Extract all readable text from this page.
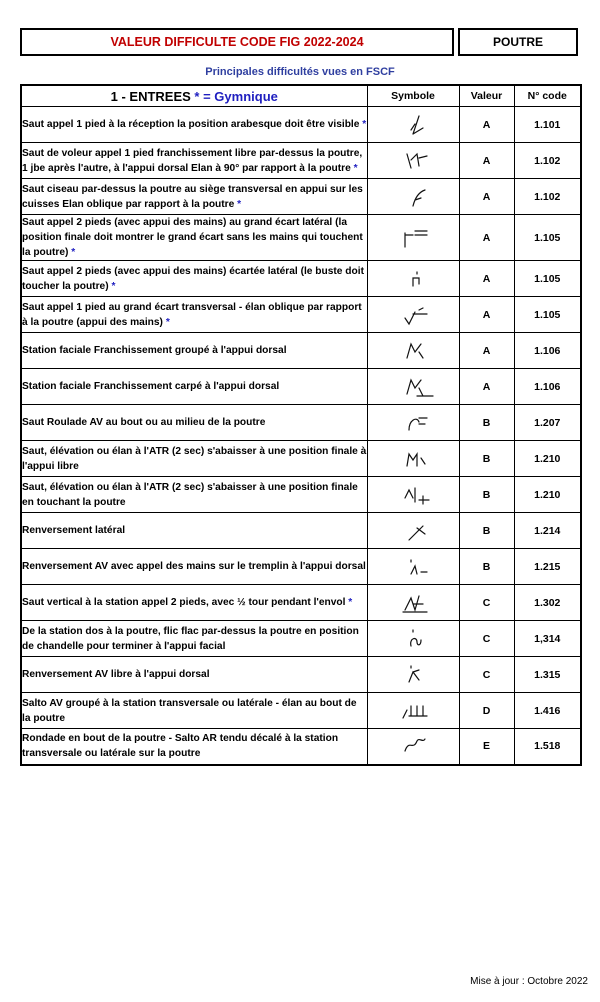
VALEUR DIFFICULTE CODE FIG 2022-2024	POUTRE
Principales difficultés vues en FSCF
1 - ENTREES * = Gymnique	Symbole	Valeur	N° code
Saut appel 1 pied à la réception la position arabesque doit être visible *		A	1.101
Saut de voleur appel 1 pied franchissement libre par-dessus la poutre, 1 jbe après l'autre, à l'appui dorsal Elan à 90° par rapport à la poutre *		A	1.102
Saut ciseau par-dessus la poutre au siège transversal en appui sur les cuisses Elan oblique par rapport à la poutre *		A	1.102
Saut appel 2 pieds (avec appui des mains) au grand écart latéral (la position finale doit montrer le grand écart sans les mains qui touchent la poutre) *		A	1.105
Saut appel 2 pieds (avec appui des mains) écartée latéral (le buste doit toucher la poutre) *		A	1.105
Saut appel 1 pied au grand écart transversal - élan oblique par rapport à la poutre (appui des mains) *		A	1.105
Station faciale Franchissement groupé à l'appui dorsal		A	1.106
Station faciale Franchissement carpé à l'appui dorsal		A	1.106
Saut Roulade AV au bout ou au milieu de la poutre		B	1.207
Saut, élévation ou élan à l'ATR (2 sec) s'abaisser à une position finale à l'appui libre		B	1.210
Saut, élévation ou élan à l'ATR (2 sec) s'abaisser à une position finale en touchant la poutre		B	1.210
Renversement latéral		B	1.214
Renversement AV avec appel des mains sur le tremplin à l'appui dorsal		B	1.215
Saut vertical à la station appel 2 pieds, avec ½ tour pendant l'envol *		C	1.302
De la station dos à la poutre, flic flac par-dessus la poutre en position de chandelle pour terminer à l'appui facial		C	1,314
Renversement AV libre à l'appui dorsal		C	1.315
Salto AV groupé à la station transversale ou latérale - élan au bout de la poutre		D	1.416
Rondade en bout de la poutre - Salto AR tendu décalé à la station transversale ou latérale sur la poutre		E	1.518
Mise à jour : Octobre 2022
